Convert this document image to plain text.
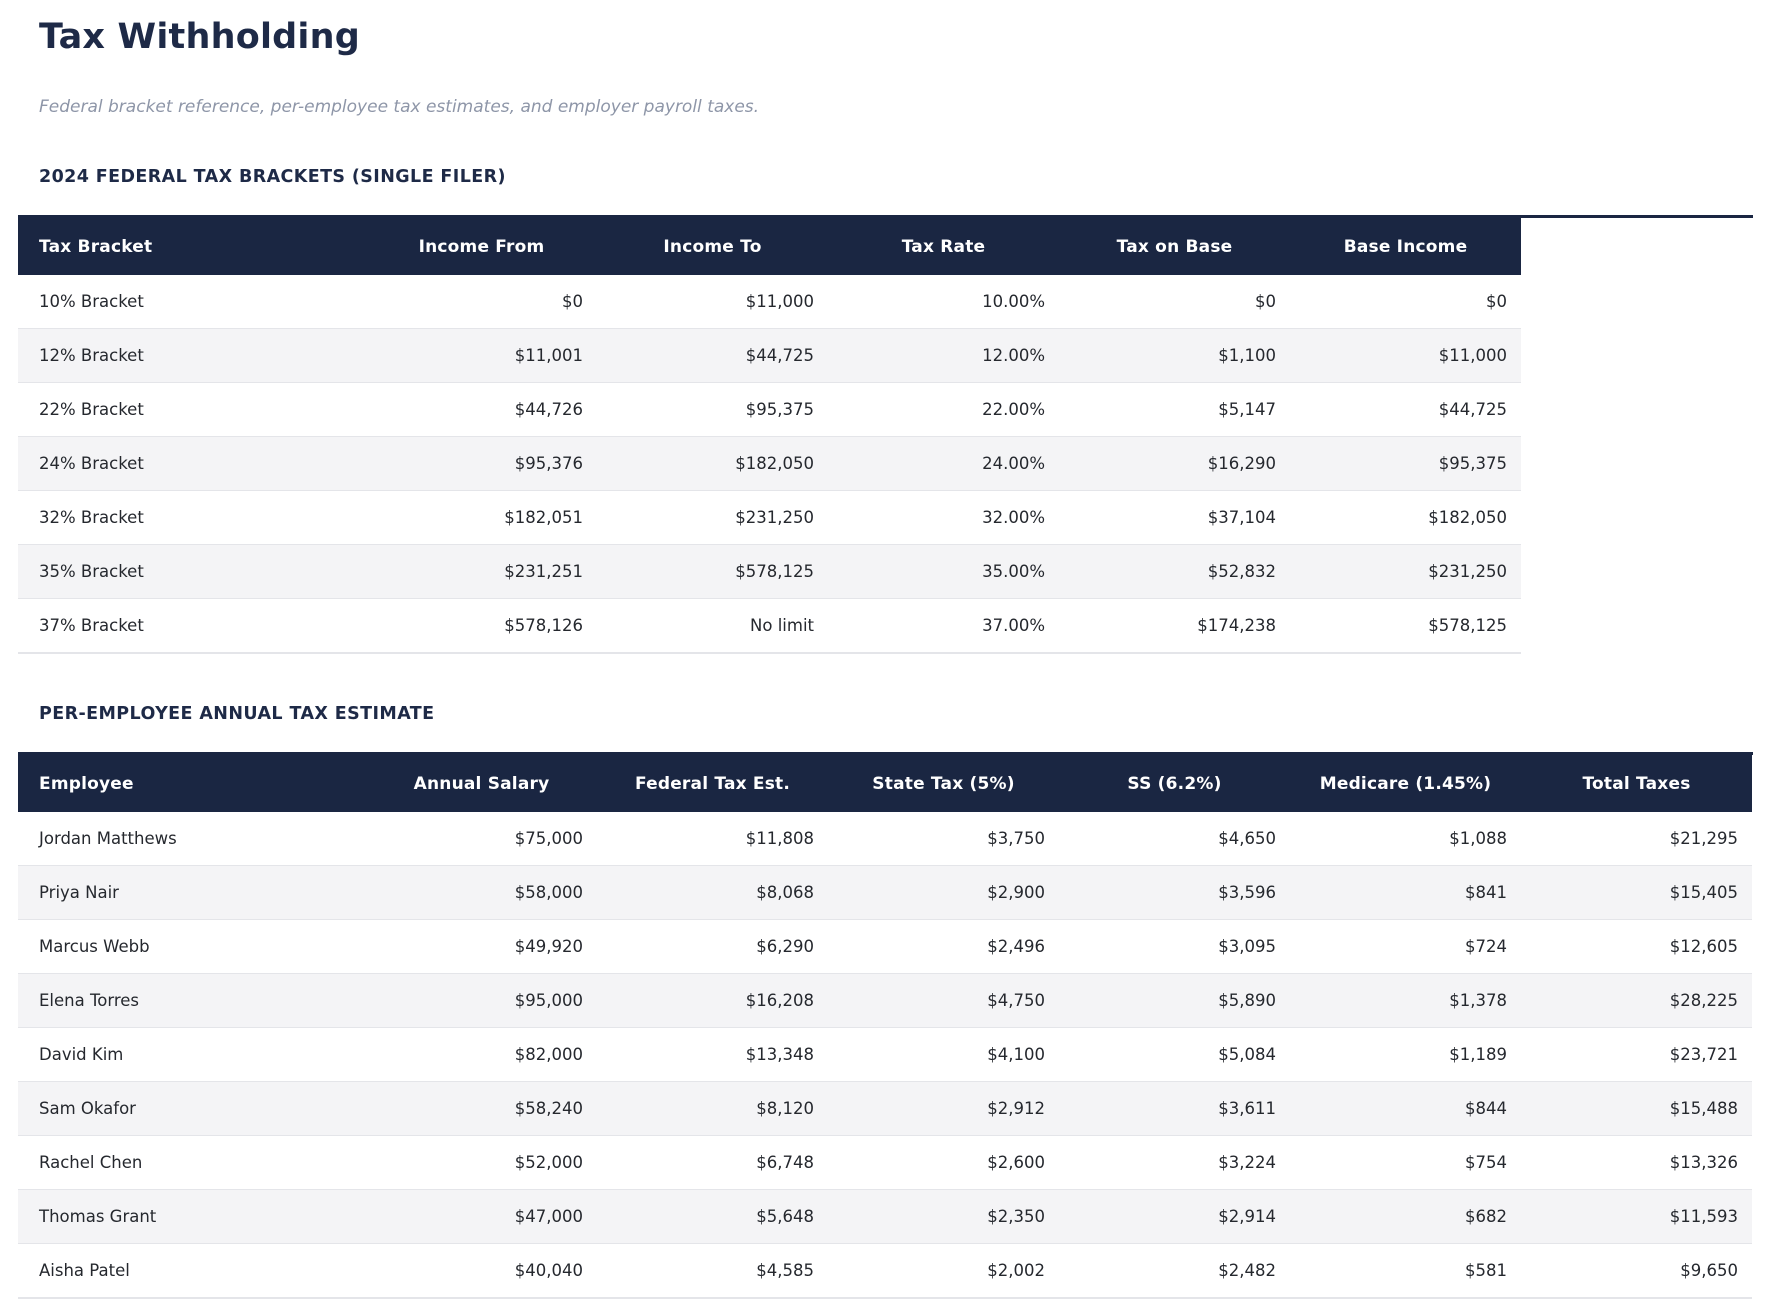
Tax Withholding

Federal bracket reference, per-employee tax estimates, and employer payroll taxes.

2024 FEDERAL TAX BRACKETS (SINGLE FILER)
Tax Bracket	Income From	Income To	Tax Rate	Tax on Base	Base Income
10% Bracket	$0	$11,000	10.00%	$0	$0
12% Bracket	$11,001	$44,725	12.00%	$1,100	$11,000
22% Bracket	$44,726	$95,375	22.00%	$5,147	$44,725
24% Bracket	$95,376	$182,050	24.00%	$16,290	$95,375
32% Bracket	$182,051	$231,250	32.00%	$37,104	$182,050
35% Bracket	$231,251	$578,125	35.00%	$52,832	$231,250
37% Bracket	$578,126	No limit	37.00%	$174,238	$578,125
PER-EMPLOYEE ANNUAL TAX ESTIMATE
Employee	Annual Salary	Federal Tax Est.	State Tax (5%)	SS (6.2%)	Medicare (1.45%)	Total Taxes
Jordan Matthews	$75,000	$11,808	$3,750	$4,650	$1,088	$21,295
Priya Nair	$58,000	$8,068	$2,900	$3,596	$841	$15,405
Marcus Webb	$49,920	$6,290	$2,496	$3,095	$724	$12,605
Elena Torres	$95,000	$16,208	$4,750	$5,890	$1,378	$28,225
David Kim	$82,000	$13,348	$4,100	$5,084	$1,189	$23,721
Sam Okafor	$58,240	$8,120	$2,912	$3,611	$844	$15,488
Rachel Chen	$52,000	$6,748	$2,600	$3,224	$754	$13,326
Thomas Grant	$47,000	$5,648	$2,350	$2,914	$682	$11,593
Aisha Patel	$40,040	$4,585	$2,002	$2,482	$581	$9,650
